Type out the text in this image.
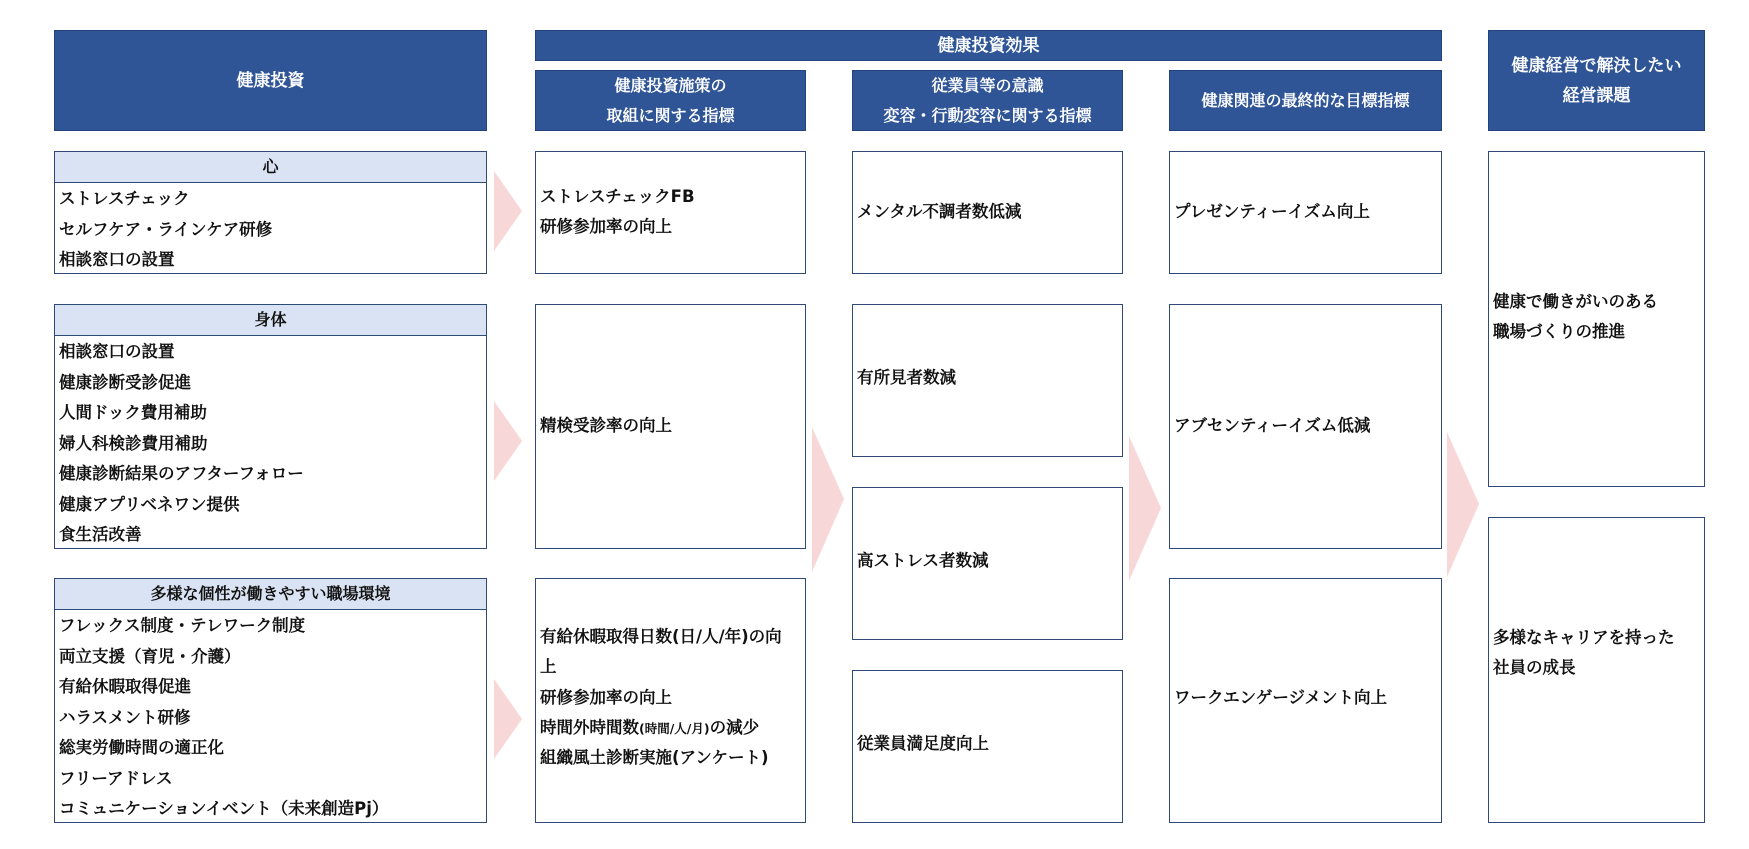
健康投資
健康投資効果
健康投資施策の
取組に関する指標
従業員等の意識
変容・行動変容に関する指標
健康関連の最終的な目標指標
健康経営で解決したい
経営課題
心
ストレスチェック
セルフケア・ラインケア研修
相談窓口の設置
身体
相談窓口の設置
健康診断受診促進
人間ドック費用補助
婦人科検診費用補助
健康診断結果のアフターフォロー
健康アプリベネワン提供
食生活改善
多様な個性が働きやすい職場環境
フレックス制度・テレワーク制度
両立支援（育児・介護）
有給休暇取得促進
ハラスメント研修
総実労働時間の適正化
フリーアドレス
コミュニケーションイベント（未来創造Pj）
ストレスチェックFB
研修参加率の向上
精検受診率の向上
有給休暇取得日数(日/人/年)の向
上
研修参加率の向上
時間外時間数(時間/人/月)の減少
組織風土診断実施(アンケート)
メンタル不調者数低減
有所見者数減
高ストレス者数減
従業員満足度向上
プレゼンティーイズム向上
アブセンティーイズム低減
ワークエンゲージメント向上
健康で働きがいのある
職場づくりの推進
多様なキャリアを持った
社員の成長
